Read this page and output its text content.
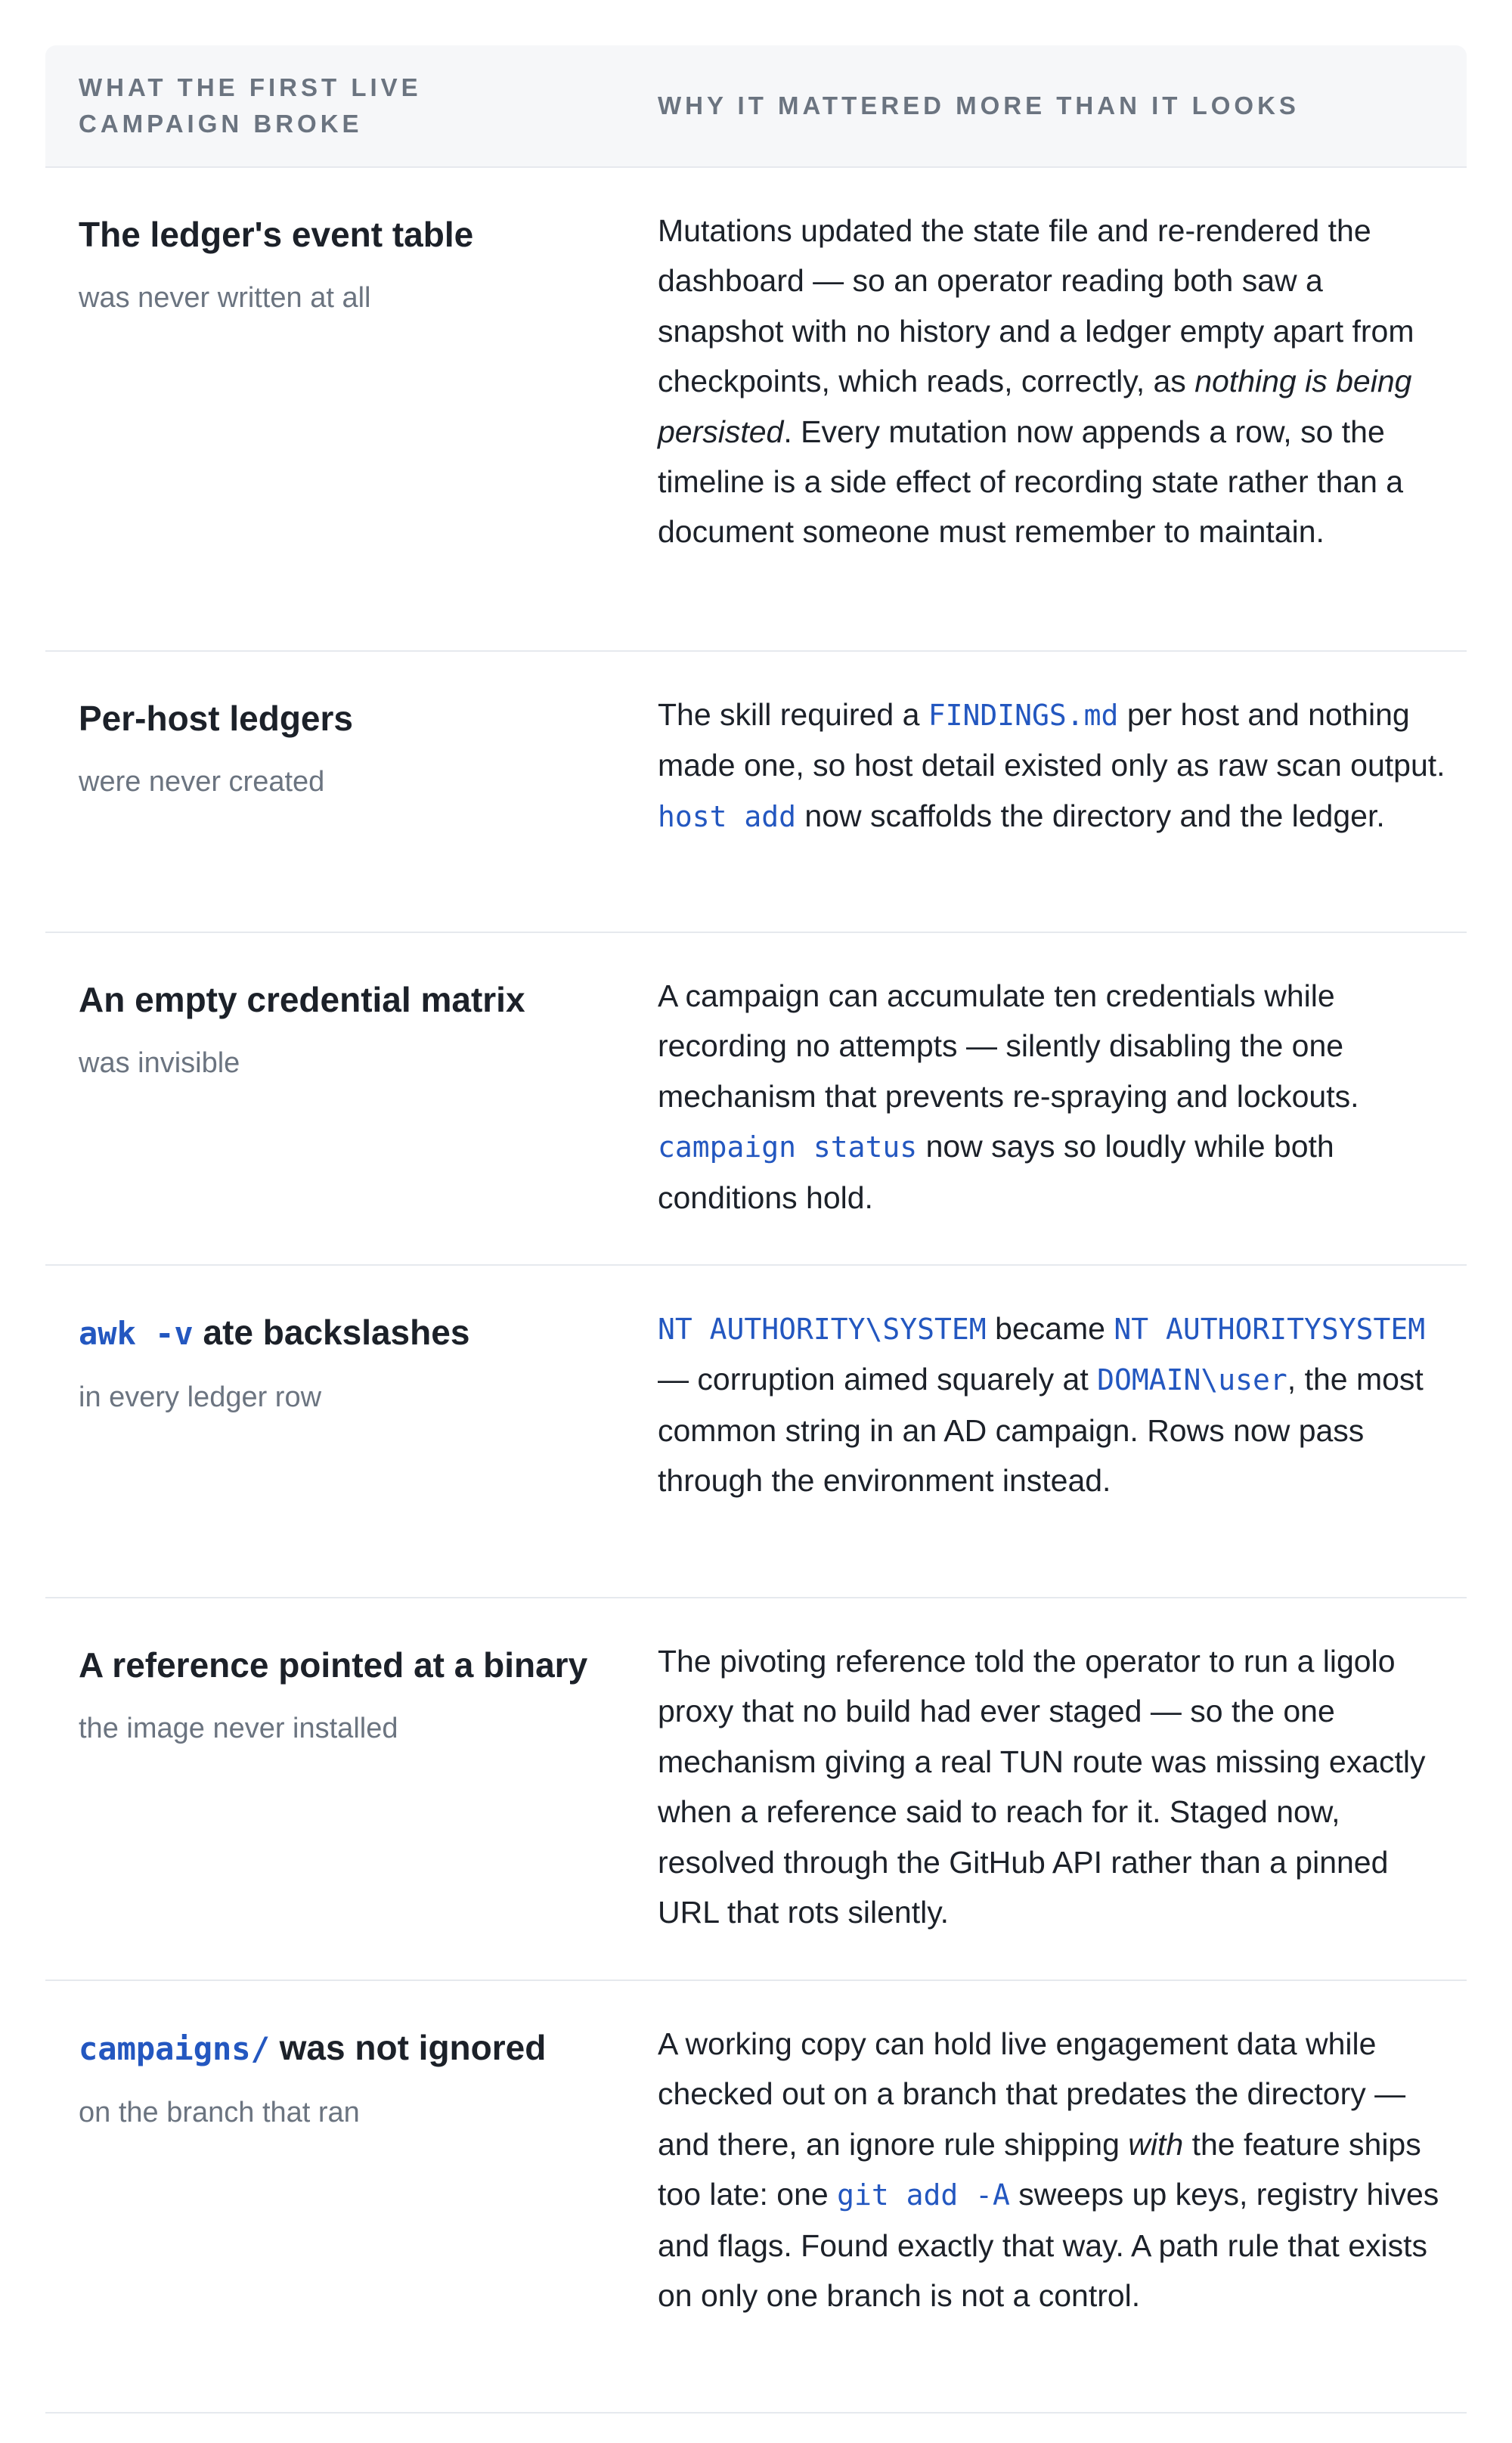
WHAT THE FIRST LIVE CAMPAIGN BROKE
WHY IT MATTERED MORE THAN IT LOOKS
The ledger's event table
was never written at all

Mutations updated the state file and re-rendered the dashboard — so an operator reading both saw a snapshot with no history and a ledger empty apart from checkpoints, which reads, correctly, as nothing is being persisted. Every mutation now appends a row, so the timeline is a side effect of recording state rather than a document someone must remember to maintain.

Per-host ledgers
were never created

The skill required a FINDINGS.md per host and nothing made one, so host detail existed only as raw scan output. host add now scaffolds the directory and the ledger.

An empty credential matrix
was invisible

A campaign can accumulate ten credentials while recording no attempts — silently disabling the one mechanism that prevents re-spraying and lockouts. campaign status now says so loudly while both conditions hold.

awk -v ate backslashes
in every ledger row

NT AUTHORITY\SYSTEM became NT AUTHORITYSYSTEM — corruption aimed squarely at DOMAIN\user, the most common string in an AD campaign. Rows now pass through the environment instead.

A reference pointed at a binary
the image never installed

The pivoting reference told the operator to run a ligolo proxy that no build had ever staged — so the one mechanism giving a real TUN route was missing exactly when a reference said to reach for it. Staged now, resolved through the GitHub API rather than a pinned URL that rots silently.

campaigns/ was not ignored
on the branch that ran

A working copy can hold live engagement data while checked out on a branch that predates the directory — and there, an ignore rule shipping with the feature ships too late: one git add -A sweeps up keys, registry hives and flags. Found exactly that way. A path rule that exists on only one branch is not a control.
